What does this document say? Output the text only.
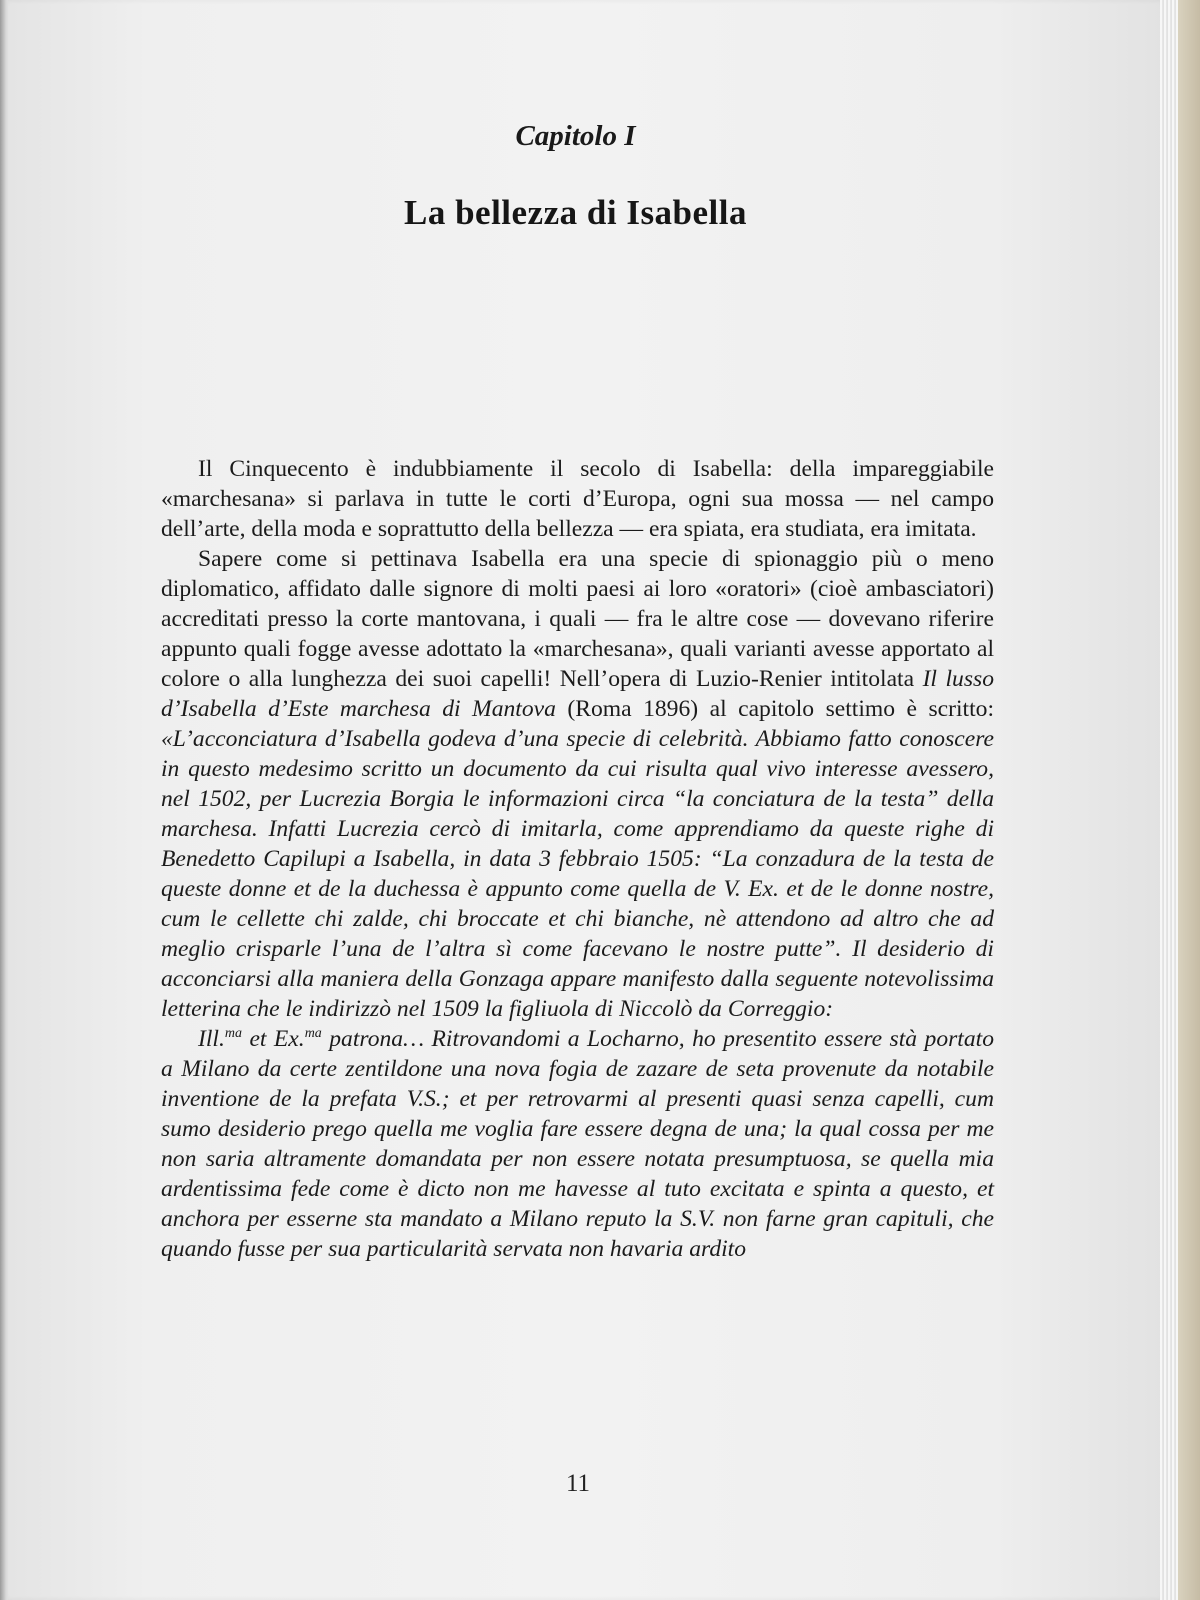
Capitolo I
La bellezza di Isabella

Il Cinquecento è indubbiamente il secolo di Isabella: della impareggiabile «marchesana» si parlava in tutte le corti d’Europa, ogni sua mossa — nel campo dell’arte, della moda e soprattutto della bellezza — era spiata, era studiata, era imitata.

Sapere come si pettinava Isabella era una specie di spionaggio più o meno diplomatico, affidato dalle signore di molti paesi ai loro «oratori» (cioè ambasciatori) accreditati presso la corte mantovana, i quali — fra le altre cose — dovevano riferire appunto quali fogge avesse adottato la «marchesana», quali varianti avesse apportato al colore o alla lunghezza dei suoi capelli! Nell’opera di Luzio-Renier intitolata Il lusso d’Isabella d’Este marchesa di Mantova (Roma 1896) al capitolo settimo è scritto: «L’acconciatura d’Isabella godeva d’una specie di celebrità. Abbiamo fatto conoscere in questo medesimo scritto un documento da cui risulta qual vivo interesse avessero, nel 1502, per Lucrezia Borgia le informazioni circa “la conciatura de la testa” della marchesa. Infatti Lucrezia cercò di imitarla, come apprendiamo da queste righe di Benedetto Capilupi a Isabella, in data 3 febbraio 1505: “La conzadura de la testa de queste donne et de la duchessa è appunto come quella de V. Ex. et de le donne nostre, cum le cellette chi zalde, chi broccate et chi bianche, nè attendono ad altro che ad meglio crisparle l’una de l’altra sì come facevano le nostre putte”. Il desiderio di acconciarsi alla maniera della Gonzaga appare manifesto dalla seguente notevolissima letterina che le indirizzò nel 1509 la figliuola di Niccolò da Correggio:

Ill.$^{ma}$ et Ex.$^{ma}$ patrona… Ritrovandomi a Locharno, ho presentito essere stà portato a Milano da certe zentildone una nova fogia de zazare de seta provenute da notabile inventione de la prefata V.S.; et per retrovarmi al presenti quasi senza capelli, cum sumo desiderio prego quella me voglia fare essere degna de una; la qual cossa per me non saria altramente domandata per non essere notata presumptuosa, se quella mia ardentissima fede come è dicto non me havesse al tuto excitata e spinta a questo, et anchora per esserne sta mandato a Milano reputo la S.V. non farne gran capituli, che quando fusse per sua particularità servata non havaria ardito

11
